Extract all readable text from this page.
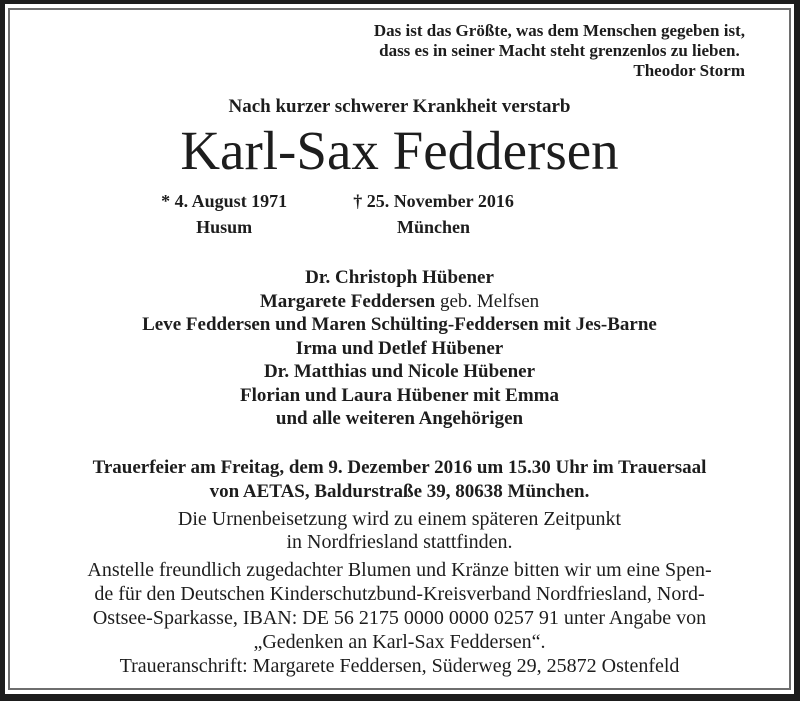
Das ist das Größte, was dem Menschen gegeben ist,
dass es in seiner Macht steht grenzenlos zu lieben.
Theodor Storm
Nach kurzer schwerer Krankheit verstarb
Karl-Sax Feddersen
* 4. August 1971
Husum
† 25. November 2016
München
Dr. Christoph Hübener
Margarete Feddersen geb. Melfsen
Leve Feddersen und Maren Schülting-Feddersen mit Jes-Barne
Irma und Detlef Hübener
Dr. Matthias und Nicole Hübener
Florian und Laura Hübener mit Emma
und alle weiteren Angehörigen
Trauerfeier am Freitag, dem 9. Dezember 2016 um 15.30 Uhr im Trauersaal
von AETAS, Baldurstraße 39, 80638 München.
Die Urnenbeisetzung wird zu einem späteren Zeitpunkt
in Nordfriesland stattfinden.
Anstelle freundlich zugedachter Blumen und Kränze bitten wir um eine Spen-
de für den Deutschen Kinderschutzbund-Kreisverband Nordfriesland, Nord-
Ostsee-Sparkasse, IBAN: DE 56 2175 0000 0000 0257 91 unter Angabe von
„Gedenken an Karl-Sax Feddersen“.
Traueranschrift: Margarete Feddersen, Süderweg 29, 25872 Ostenfeld
